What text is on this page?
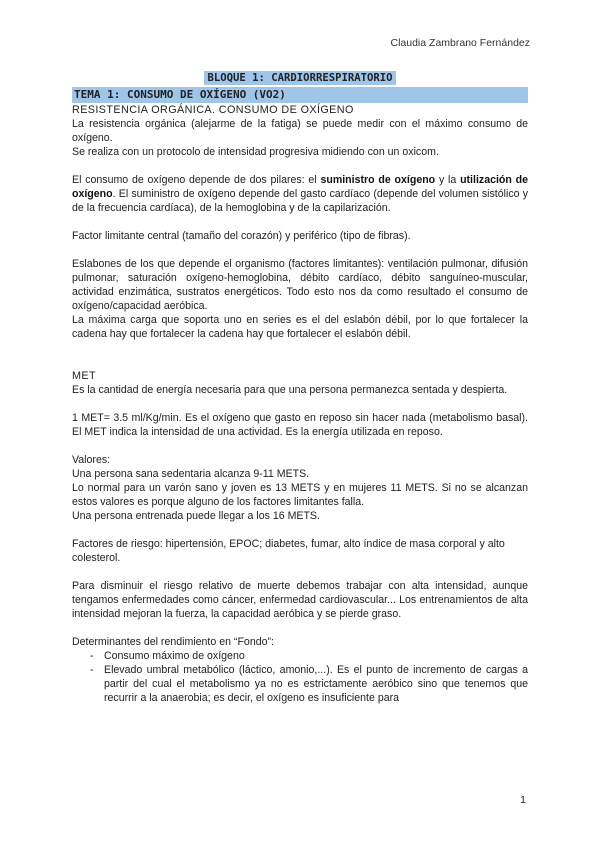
Claudia Zambrano Fernández

BLOQUE 1: CARDIORRESPIRATORIO

TEMA 1: CONSUMO DE OXÍGENO (VO2)

RESISTENCIA ORGÁNICA. CONSUMO DE OXÍGENO

La resistencia orgánica (alejarme de la fatiga) se puede medir con el máximo consumo de oxígeno.

Se realiza con un protocolo de intensidad progresiva midiendo con un oxicom.

El consumo de oxígeno depende de dos pilares: el suministro de oxígeno y la utilización de oxígeno. El suministro de oxígeno depende del gasto cardíaco (depende del volumen sistólico y de la frecuencia cardíaca), de la hemoglobina y de la capilarización.

Factor limitante central (tamaño del corazón) y periférico (tipo de fibras).

Eslabones de los que depende el organismo (factores limitantes): ventilación pulmonar, difusión pulmonar, saturación oxígeno-hemoglobina, débito cardíaco, débito sanguíneo-muscular, actividad enzimática, sustratos energéticos. Todo esto nos da como resultado el consumo de oxígeno/capacidad aeróbica.

La máxima carga que soporta uno en series es el del eslabón débil, por lo que fortalecer la cadena hay que fortalecer la cadena hay que fortalecer el eslabón débil.

MET

Es la cantidad de energía necesaria para que una persona permanezca sentada y despierta.

1 MET= 3.5 ml/Kg/min. Es el oxígeno que gasto en reposo sin hacer nada (metabolismo basal). El MET indica la intensidad de una actividad. Es la energía utilizada en reposo.

Valores:

Una persona sana sedentaria alcanza 9-11 METS.

Lo normal para un varón sano y joven es 13 METS y en mujeres 11 METS. Si no se alcanzan estos valores es porque alguno de los factores limitantes falla.

Una persona entrenada puede llegar a los 16 METS.

Factores de riesgo: hipertensión, EPOC; diabetes, fumar, alto índice de masa corporal y alto colesterol.

Para disminuir el riesgo relativo de muerte debemos trabajar con alta intensidad, aunque tengamos enfermedades como cáncer, enfermedad cardiovascular... Los entrenamientos de alta intensidad mejoran la fuerza, la capacidad aeróbica y se pierde graso.

Determinantes del rendimiento en “Fondo”:

- Consumo máximo de oxígeno
- Elevado umbral metabólico (láctico, amonio,...). Es el punto de incremento de cargas a partir del cual el metabolismo ya no es estrictamente aeróbico sino que tenemos que recurrir a la anaerobia; es decir, el oxígeno es insuficiente para
1
